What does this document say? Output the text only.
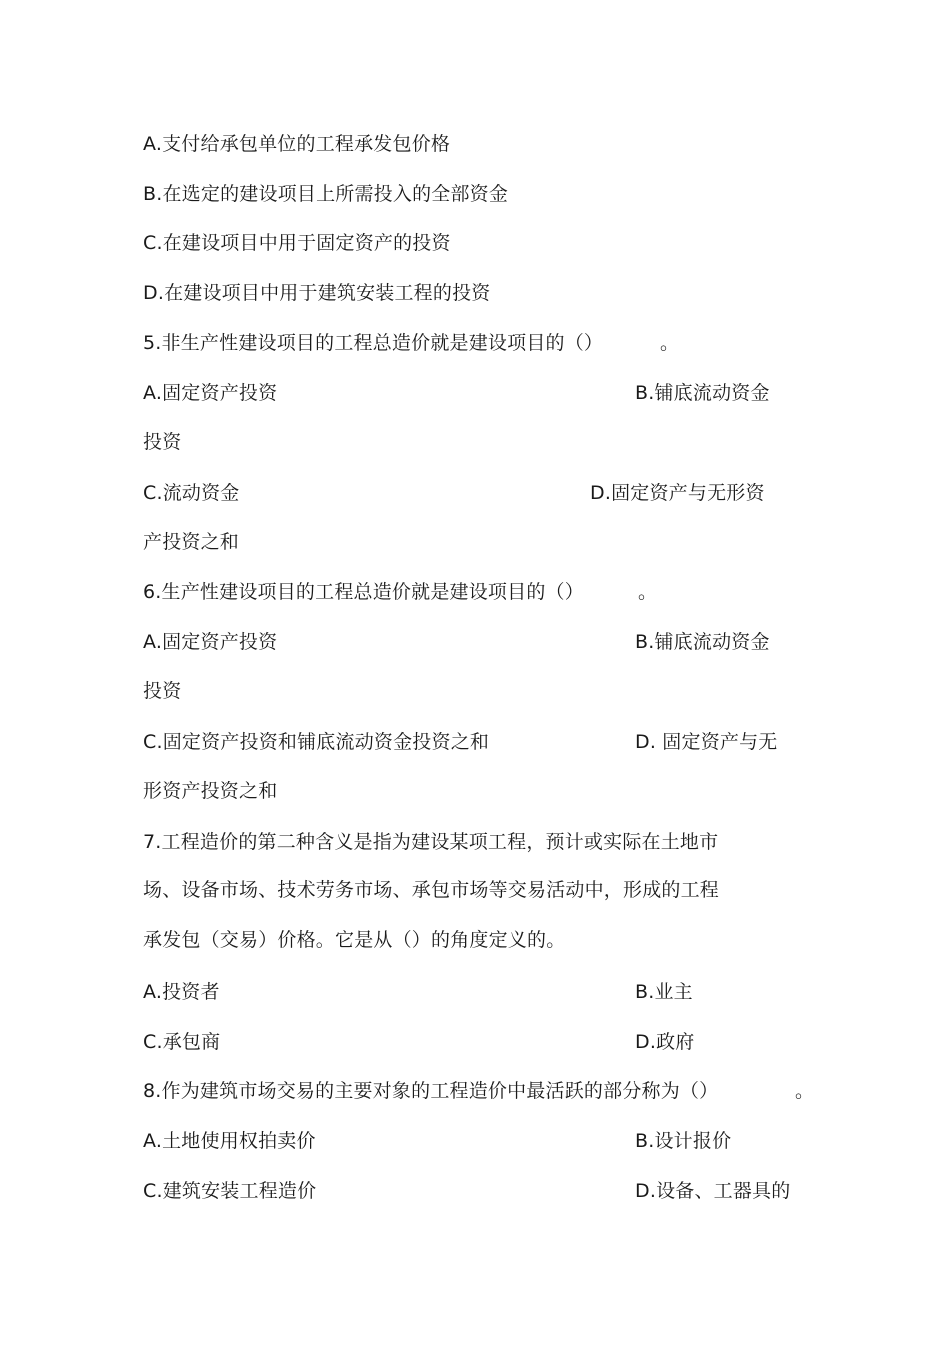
A.支付给承包单位的工程承发包价格
B.在选定的建设项目上所需投入的全部资金
C.在建设项目中用于固定资产的投资
D.在建设项目中用于建筑安装工程的投资
5.非生产性建设项目的工程总造价就是建设项目的（）	。
A.固定资产投资	B.铺底流动资金
投资
C.流动资金	D.固定资产与无形资
产投资之和
6.生产性建设项目的工程总造价就是建设项目的（）	。
A.固定资产投资	B.铺底流动资金
投资
C.固定资产投资和铺底流动资金投资之和	D. 固定资产与无
形资产投资之和
7.工程造价的第二种含义是指为建设某项工程，预计或实际在土地市
场、设备市场、技术劳务市场、承包市场等交易活动中，形成的工程
承发包（交易）价格。它是从（）的角度定义的。
A.投资者	B.业主
C.承包商	D.政府
8.作为建筑市场交易的主要对象的工程造价中最活跃的部分称为（）	。
A.土地使用权拍卖价	B.设计报价
C.建筑安装工程造价	D.设备、工器具的
